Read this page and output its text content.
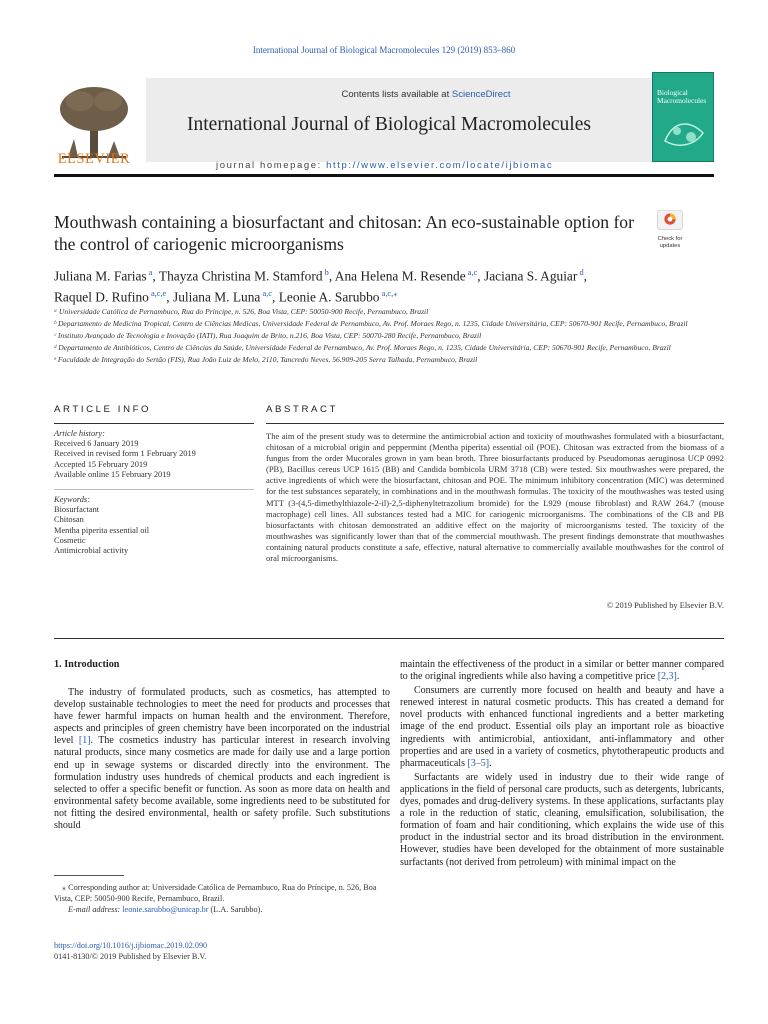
International Journal of Biological Macromolecules 129 (2019) 853–860
ELSEVIER
Contents lists available at ScienceDirect
International Journal of Biological Macromolecules
journal homepage: http://www.elsevier.com/locate/ijbiomac
Biological
Macromolecules
Mouthwash containing a biosurfactant and chitosan: An eco-sustainable option for the control of cariogenic microorganisms	Check for
updates
Juliana M. Farias $^a$, Thayza Christina M. Stamford $^b$, Ana Helena M. Resende $^{a,c}$, Jaciana S. Aguiar $^d$,
Raquel D. Rufino $^{a,c,e}$, Juliana M. Luna $^{a,c}$, Leonie A. Sarubbo $^{a,c,⁎}$
ᵃ Universidade Católica de Pernambuco, Rua do Príncipe, n. 526, Boa Vista, CEP: 50050-900 Recife, Pernambuco, Brazil
ᵇ Departamento de Medicina Tropical, Centro de Ciências Medicas, Universidade Federal de Pernambuco, Av. Prof. Moraes Rego, n. 1235, Cidade Universitária, CEP: 50670-901 Recife, Pernambuco, Brazil
ᶜ Instituto Avançado de Tecnologia e Inovação (IATI), Rua Joaquim de Brito, n.216, Boa Vista, CEP: 50070-280 Recife, Pernambuco, Brazil
ᵈ Departamento de Antibióticos, Centro de Ciências da Saúde, Universidade Federal de Pernambuco, Av. Prof. Moraes Rego, n. 1235, Cidade Universitária, CEP: 50670-901 Recife, Pernambuco, Brazil
ᵉ Faculdade de Integração do Sertão (FIS), Rua João Luiz de Melo, 2110, Tancredo Neves, 56.909-205 Serra Talhada, Pernambuco, Brazil
ARTICLE INFO	ABSTRACT
Article history:
Received 6 January 2019
Received in revised form 1 February 2019
Accepted 15 February 2019
Available online 15 February 2019
Keywords:
Biosurfactant
Chitosan
Mentha piperita essential oil
Cosmetic
Antimicrobial activity
The aim of the present study was to determine the antimicrobial action and toxicity of mouthwashes formulated with a biosurfactant, chitosan of a microbial origin and peppermint (Mentha piperita) essential oil (POE). Chitosan was extracted from the biomass of a fungus from the order Mucorales grown in yam bean broth. Three biosurfactants produced by Pseudomonas aeruginosa UCP 0992 (PB), Bacillus cereus UCP 1615 (BB) and Candida bombicola URM 3718 (CB) were tested. Six mouthwashes were prepared, the active ingredients of which were the biosurfactant, chitosan and POE. The minimum inhibitory concentration (MIC) was determined for the test substances separately, in combinations and in the mouthwash formulas. The toxicity of the mouthwashes was tested using MTT (3-(4,5-dimethylthiazole-2-il)-2,5-diphenyltetrazolium bromide) for the L929 (mouse fibroblast) and RAW 264.7 (mouse macrophage) cell lines. All substances tested had a MIC for cariogenic microorganisms. The combinations of the CB and PB biosurfactants with chitosan demonstrated an additive effect on the majority of microorganisms tested. The toxicity of the mouthwashes was significantly lower than that of the commercial mouthwash. The present findings demonstrate that mouthwashes containing natural products constitute a safe, effective, natural alternative to commercially available mouthwashes for the control of oral microorganisms.
© 2019 Published by Elsevier B.V.
1. Introduction

The industry of formulated products, such as cosmetics, has attempted to develop sustainable technologies to meet the need for products and processes that have fewer harmful impacts on human health and the environment. Therefore, aspects and principles of green chemistry have been incorporated on the industrial level [1]. The cosmetics industry has particular interest in research involving natural products, since many cosmetics are made for daily use and a large portion end up in sewage systems or discarded directly into the environment. The formulation industry uses hundreds of chemical products and each ingredient is selected to offer a specific benefit or function. As soon as more data on health and environmental safety become available, some ingredients need to be substituted for not fitting the desired environmental, health or safety profile. Such substitutions should

maintain the effectiveness of the product in a similar or better manner compared to the original ingredients while also having a competitive price [2,3].

Consumers are currently more focused on health and beauty and have a renewed interest in natural cosmetic products. This has created a demand for novel products with enhanced functional ingredients and a better marketing image of the end product. Essential oils play an important role as bioactive ingredients with antimicrobial, antioxidant, anti-inflammatory and other properties and are used in a variety of cosmetics, phytotherapeutic products and pharmaceuticals [3–5].

Surfactants are widely used in industry due to their wide range of applications in the field of personal care products, such as detergents, lubricants, dyes, pomades and drug-delivery systems. In these applications, surfactants play a role in the reduction of static, cleaning, emulsification, solubilisation, the formation of foam and hair conditioning, which explains the wide use of this product in the industrial sector and its broad distribution in the environment. However, studies have been developed for the obtainment of more sustainable surfactants (not derived from petroleum) with minimal impact on the

⁎ Corresponding author at: Universidade Católica de Pernambuco, Rua do Príncipe, n. 526, Boa Vista, CEP: 50050-900 Recife, Pernambuco, Brazil.
E-mail address: leonie.sarubbo@unicap.br (L.A. Sarubbo).
https://doi.org/10.1016/j.ijbiomac.2019.02.090
0141-8130/© 2019 Published by Elsevier B.V.
